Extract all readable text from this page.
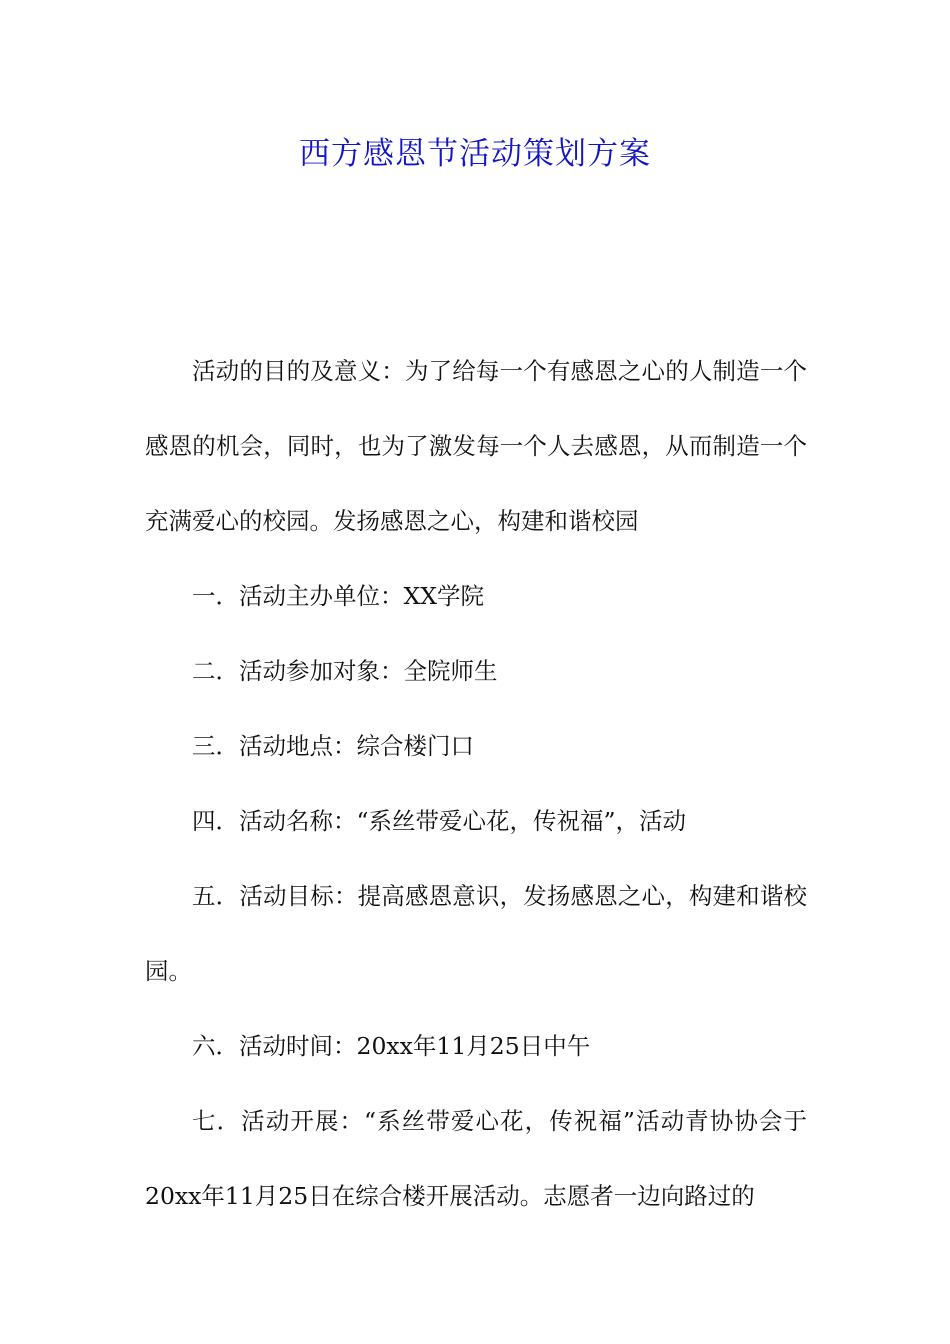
西方感恩节活动策划方案

活动的目的及意义：为了给每一个有感恩之心的人制造一个感恩的机会，同时，也为了激发每一个人去感恩，从而制造一个充满爱心的校园。发扬感恩之心，构建和谐校园

一．活动主办单位：XX学院

二．活动参加对象：全院师生

三．活动地点：综合楼门口

四．活动名称：“系丝带爱心花，传祝福”，活动

五．活动目标：提高感恩意识，发扬感恩之心，构建和谐校园。

六．活动时间：20xx年11月25日中午

七．活动开展：“系丝带爱心花，传祝福”活动青协协会于20xx年11月25日在综合楼开展活动。志愿者一边向路过的
